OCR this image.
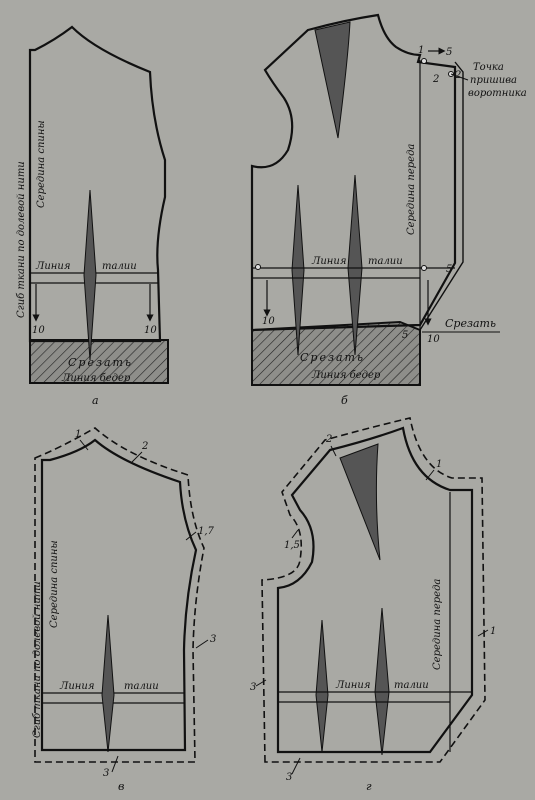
Сгиб ткани по долевой нити Середина спины
Линия	талии
10	10
Срезать
Линия бедер
а
Середина переда
Линия талии
10
10
5
5
1 5
2 2
Точка
пришива
воротника
Срезать
Линия бедер
Срезать
б
Сгиб ткани по долевой нити Середина спины
Линия	талии
1
2
1,7
3
3
в
Середина переда
Линия талии
2
1
1,5
1
3
3
г
